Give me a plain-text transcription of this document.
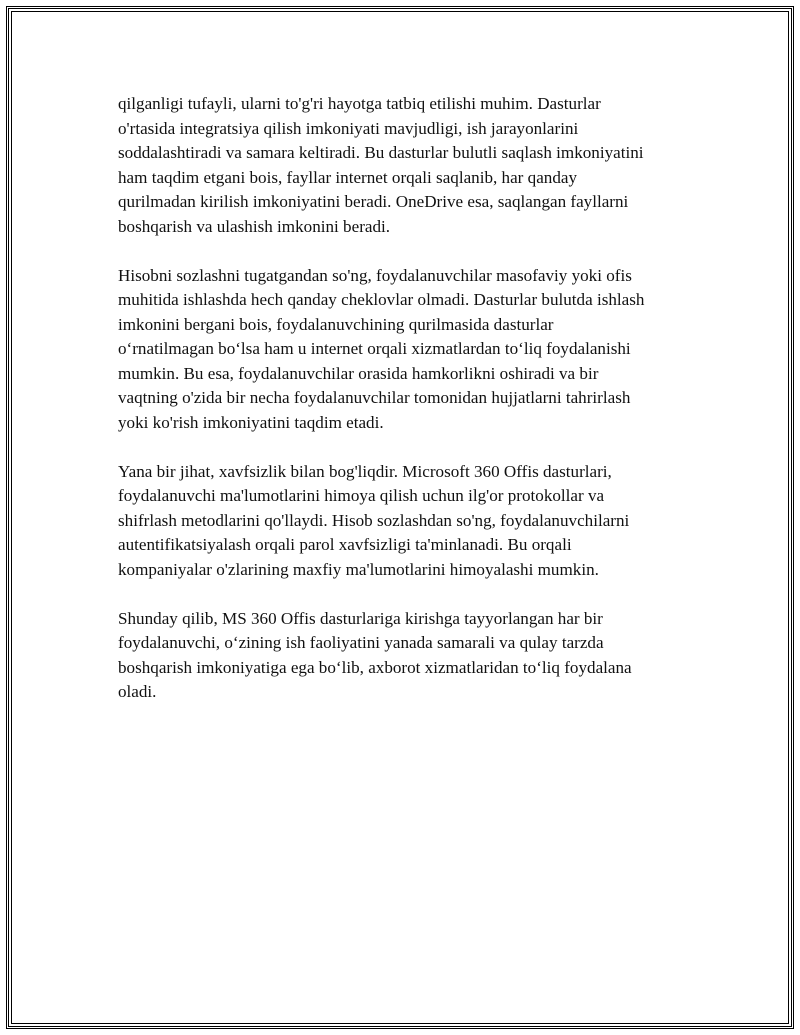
qilganligi tufayli, ularni to'g'ri hayotga tatbiq etilishi muhim. Dasturlar
o'rtasida integratsiya qilish imkoniyati mavjudligi, ish jarayonlarini
soddalashtiradi va samara keltiradi. Bu dasturlar bulutli saqlash imkoniyatini
ham taqdim etgani bois, fayllar internet orqali saqlanib, har qanday
qurilmadan kirilish imkoniyatini beradi. OneDrive esa, saqlangan fayllarni
boshqarish va ulashish imkonini beradi.

Hisobni sozlashni tugatgandan so'ng, foydalanuvchilar masofaviy yoki ofis
muhitida ishlashda hech qanday cheklovlar olmadi. Dasturlar bulutda ishlash
imkonini bergani bois, foydalanuvchining qurilmasida dasturlar
o‘rnatilmagan bo‘lsa ham u internet orqali xizmatlardan to‘liq foydalanishi
mumkin. Bu esa, foydalanuvchilar orasida hamkorlikni oshiradi va bir
vaqtning o'zida bir necha foydalanuvchilar tomonidan hujjatlarni tahrirlash
yoki ko'rish imkoniyatini taqdim etadi.

Yana bir jihat, xavfsizlik bilan bog'liqdir. Microsoft 360 Offis dasturlari,
foydalanuvchi ma'lumotlarini himoya qilish uchun ilg'or protokollar va
shifrlash metodlarini qo'llaydi. Hisob sozlashdan so'ng, foydalanuvchilarni
autentifikatsiyalash orqali parol xavfsizligi ta'minlanadi. Bu orqali
kompaniyalar o'zlarining maxfiy ma'lumotlarini himoyalashi mumkin.

Shunday qilib, MS 360 Offis dasturlariga kirishga tayyorlangan har bir
foydalanuvchi, o‘zining ish faoliyatini yanada samarali va qulay tarzda
boshqarish imkoniyatiga ega bo‘lib, axborot xizmatlaridan to‘liq foydalana
oladi.
